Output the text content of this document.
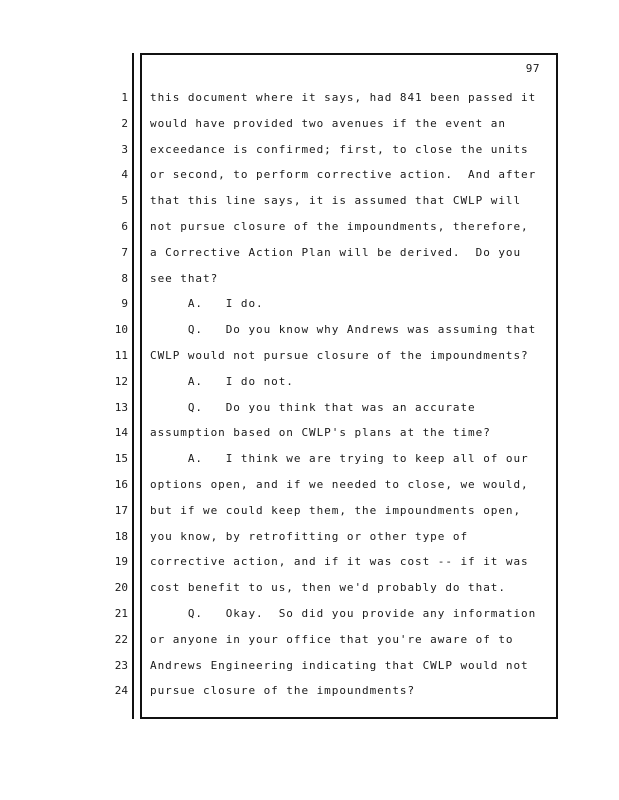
97
1
2
3
4
5
6
7
8
9
10
11
12
13
14
15
16
17
18
19
20
21
22
23
24
this document where it says, had 841 been passed it
would have provided two avenues if the event an
exceedance is confirmed; first, to close the units
or second, to perform corrective action.  And after
that this line says, it is assumed that CWLP will
not pursue closure of the impoundments, therefore,
a Corrective Action Plan will be derived.  Do you
see that?
A.   I do.
Q.   Do you know why Andrews was assuming that
CWLP would not pursue closure of the impoundments?
A.   I do not.
Q.   Do you think that was an accurate
assumption based on CWLP's plans at the time?
A.   I think we are trying to keep all of our
options open, and if we needed to close, we would,
but if we could keep them, the impoundments open,
you know, by retrofitting or other type of
corrective action, and if it was cost -- if it was
cost benefit to us, then we'd probably do that.
Q.   Okay.  So did you provide any information
or anyone in your office that you're aware of to
Andrews Engineering indicating that CWLP would not
pursue closure of the impoundments?
